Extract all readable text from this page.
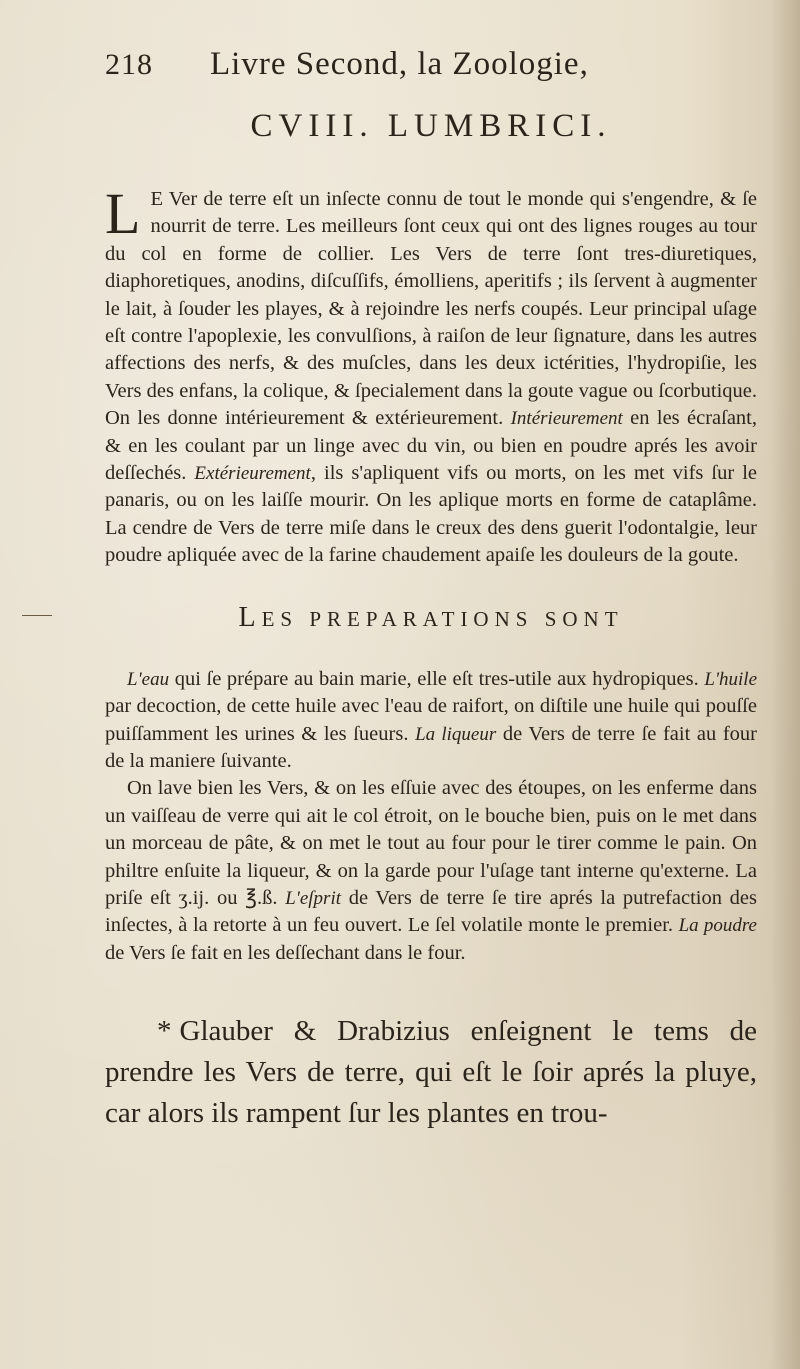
218 Livre Second, la Zoologie,
CVIII. LUMBRICI.

L E Ver de terre eſt un inſecte connu de tout le monde qui s'engendre, & ſe nourrit de terre. Les meilleurs ſont ceux qui ont des lignes rouges au tour du col en forme de collier. Les Vers de terre ſont tres-diuretiques, diaphoretiques, anodins, diſcuſſifs, émolliens, aperitifs ; ils ſervent à augmenter le lait, à ſouder les playes, & à rejoindre les nerfs coupés. Leur principal uſage eſt contre l'apoplexie, les convulſions, à raiſon de leur ſignature, dans les autres affections des nerfs, & des muſcles, dans les deux ictérities, l'hydropiſie, les Vers des enfans, la colique, & ſpecialement dans la goute vague ou ſcorbutique. On les donne intérieurement & extérieurement. Intérieurement en les écraſant, & en les coulant par un linge avec du vin, ou bien en poudre aprés les avoir deſſechés. Extérieurement, ils s'apliquent vifs ou morts, on les met vifs ſur le panaris, ou on les laiſſe mourir. On les aplique morts en forme de cataplâme. La cendre de Vers de terre miſe dans le creux des dens guerit l'odontalgie, leur poudre apliquée avec de la farine chaudement apaiſe les douleurs de la goute.

LES PREPARATIONS SONT

L'eau qui ſe prépare au bain marie, elle eſt tres-utile aux hydropiques. L'huile par decoction, de cette huile avec l'eau de raifort, on diſtile une huile qui pouſſe puiſſamment les urines & les ſueurs. La liqueur de Vers de terre ſe fait au four de la maniere ſuivante.

On lave bien les Vers, & on les eſſuie avec des étoupes, on les enferme dans un vaiſſeau de verre qui ait le col étroit, on le bouche bien, puis on le met dans un morceau de pâte, & on met le tout au four pour le tirer comme le pain. On philtre enſuite la liqueur, & on la garde pour l'uſage tant interne qu'externe. La priſe eſt ʒ.ij. ou ℥.ß. L'eſprit de Vers de terre ſe tire aprés la putrefaction des inſectes, à la retorte à un feu ouvert. Le ſel volatile monte le premier. La poudre de Vers ſe fait en les deſſechant dans le four.

* Glauber & Drabizius enſeignent le tems de prendre les Vers de terre, qui eſt le ſoir aprés la pluye, car alors ils rampent ſur les plantes en trou-
